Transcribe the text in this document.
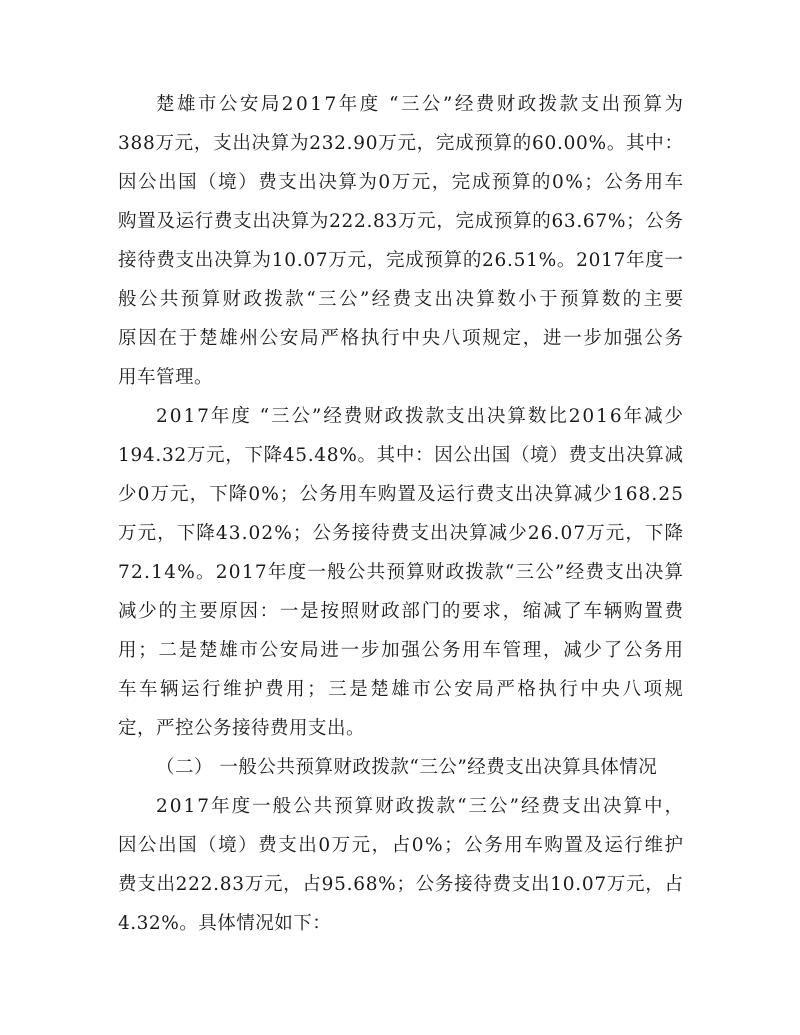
楚雄市公安局2017年度 “三公”经费财政拨款支出预算为
388万元，支出决算为232.90万元，完成预算的60.00%。其中：
因公出国（境）费支出决算为0万元，完成预算的0%；公务用车
购置及运行费支出决算为222.83万元，完成预算的63.67%；公务
接待费支出决算为10.07万元，完成预算的26.51%。2017年度一
般公共预算财政拨款“三公”经费支出决算数小于预算数的主要
原因在于楚雄州公安局严格执行中央八项规定，进一步加强公务
用车管理。
2017年度 “三公”经费财政拨款支出决算数比2016年减少
194.32万元，下降45.48%。其中：因公出国（境）费支出决算减
少0万元，下降0%；公务用车购置及运行费支出决算减少168.25
万元，下降43.02%；公务接待费支出决算减少26.07万元，下降
72.14%。2017年度一般公共预算财政拨款“三公”经费支出决算
减少的主要原因：一是按照财政部门的要求，缩减了车辆购置费
用；二是楚雄市公安局进一步加强公务用车管理，减少了公务用
车车辆运行维护费用；三是楚雄市公安局严格执行中央八项规
定，严控公务接待费用支出。
（二） 一般公共预算财政拨款“三公”经费支出决算具体情况
2017年度一般公共预算财政拨款“三公”经费支出决算中，
因公出国（境）费支出0万元，占0%；公务用车购置及运行维护
费支出222.83万元，占95.68%；公务接待费支出10.07万元，占
4.32%。具体情况如下：
